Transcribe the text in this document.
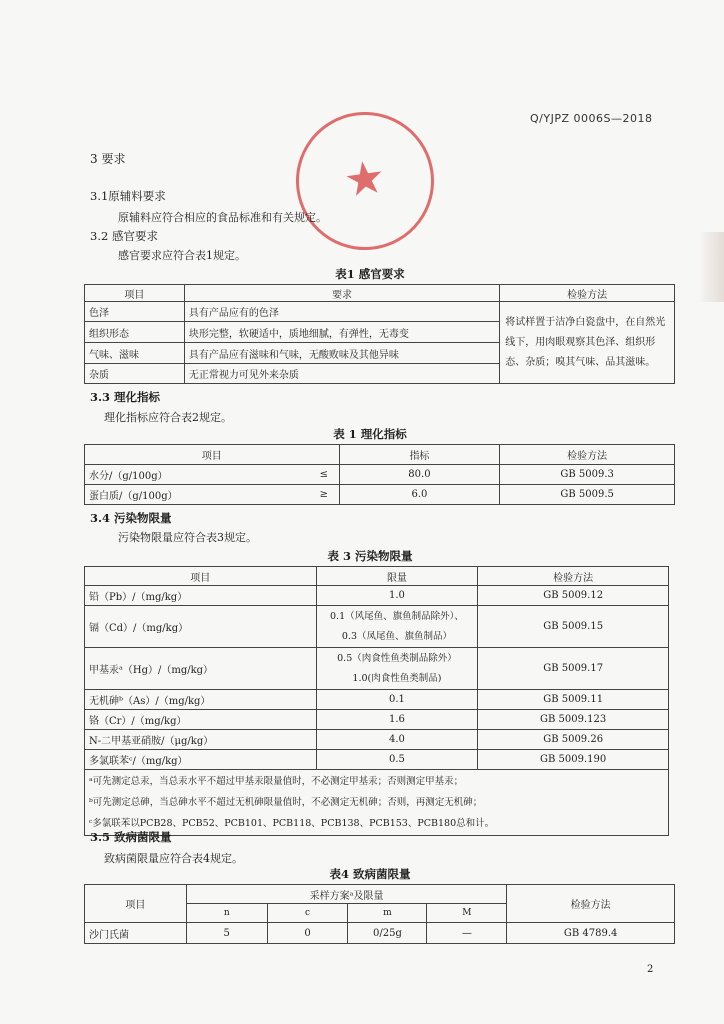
Q/YJPZ 0006S—2018
★
3 要求
3.1原辅料要求
原辅料应符合相应的食品标准和有关规定。
3.2 感官要求
感官要求应符合表1规定。
表1 感官要求
项目	要求	检验方法
色泽	具有产品应有的色泽	将试样置于洁净白瓷盘中，在自然光线下，用肉眼观察其色泽、组织形态、杂质；嗅其气味、品其滋味。
组织形态	块形完整，软硬适中，质地细腻，有弹性，无毒变	
气味、滋味	具有产品应有滋味和气味，无酸败味及其他异味	
杂质	无正常视力可见外来杂质	
3.3 理化指标
理化指标应符合表2规定。
表 1 理化指标
项目		指标	检验方法
水分/（g/100g）	≤	80.0	GB 5009.3
蛋白质/（g/100g）	≥	6.0	GB 5009.5
3.4 污染物限量
污染物限量应符合表3规定。
表 3 污染物限量
项目	限量	检验方法
铅（Pb）/（mg/kg）	1.0	GB 5009.12
镉（Cd）/（mg/kg）	0.1（风尾鱼、旗鱼制品除外）、
0.3（凤尾鱼、旗鱼制品）	GB 5009.15
甲基汞ᵃ（Hg）/（mg/kg）	0.5（肉食性鱼类制品除外）
1.0(肉食性鱼类制品)	GB 5009.17
无机砷ᵇ（As）/（mg/kg）	0.1	GB 5009.11
铬（Cr）/（mg/kg）	1.6	GB 5009.123
N-二甲基亚硝胺/（μg/kg）	4.0	GB 5009.26
多氯联苯ᶜ/（mg/kg）	0.5	GB 5009.190

ᵃ可先测定总汞，当总汞水平不超过甲基汞限量值时，不必测定甲基汞；否则测定甲基汞；
ᵇ可先测定总砷，当总砷水平不超过无机砷限量值时，不必测定无机砷；否则，再测定无机砷；
ᶜ多氯联苯以PCB28、PCB52、PCB101、PCB118、PCB138、PCB153、PCB180总和计。		
3.5 致病菌限量
致病菌限量应符合表4规定。
表4 致病菌限量
项目	采样方案ᵃ及限量				检验方法
	n	c	m	M	
沙门氏菌	5	0	0/25g	—	GB 4789.4
2
